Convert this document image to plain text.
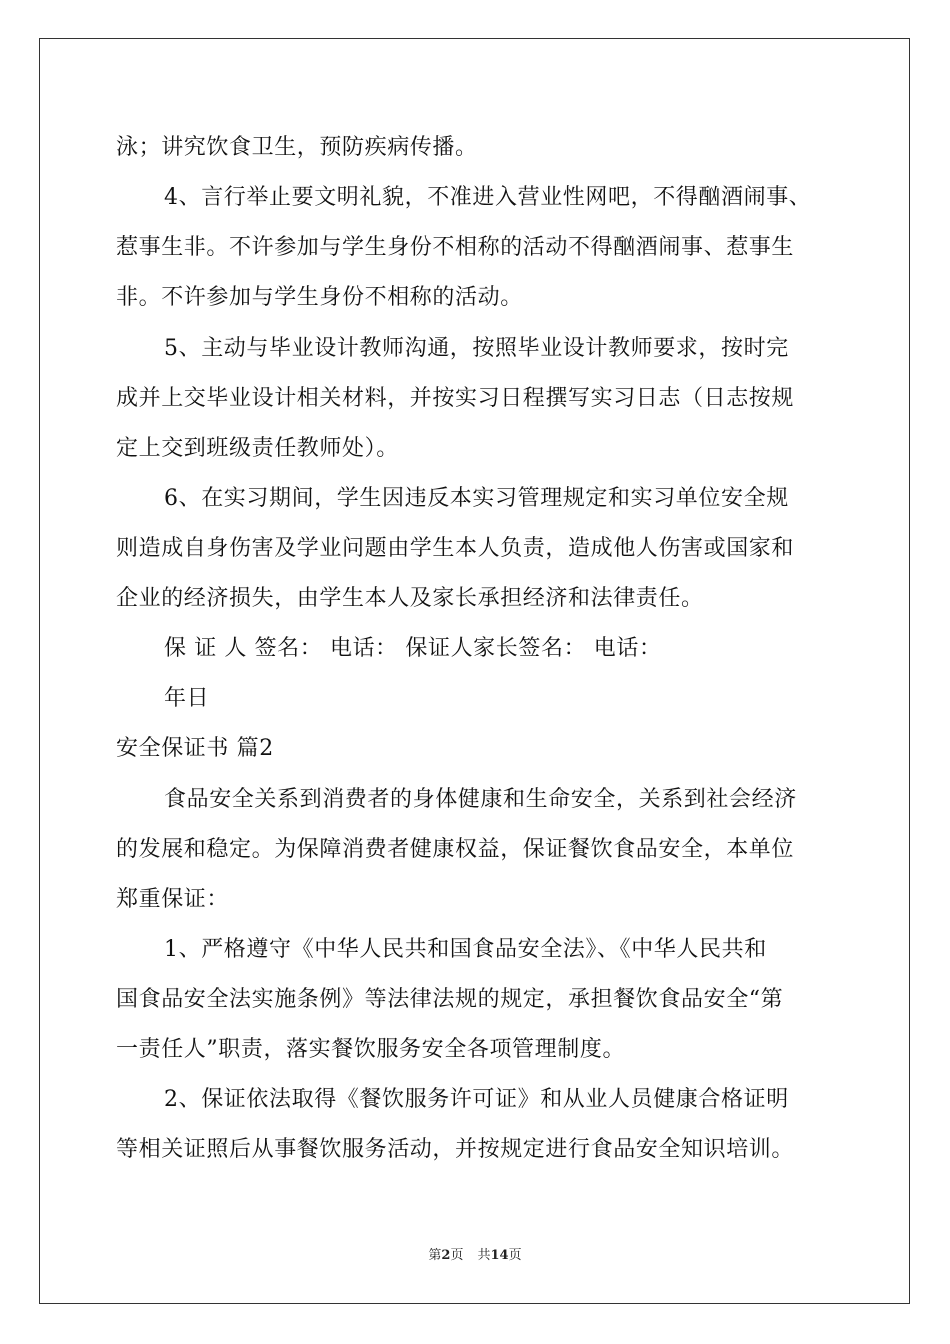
泳；讲究饮食卫生，预防疾病传播。
4、言行举止要文明礼貌，不准进入营业性网吧，不得酗酒闹事、
惹事生非。不许参加与学生身份不相称的活动不得酗酒闹事、惹事生
非。不许参加与学生身份不相称的活动。
5、主动与毕业设计教师沟通，按照毕业设计教师要求，按时完
成并上交毕业设计相关材料，并按实习日程撰写实习日志（日志按规
定上交到班级责任教师处）。
6、在实习期间，学生因违反本实习管理规定和实习单位安全规
则造成自身伤害及学业问题由学生本人负责，造成他人伤害或国家和
企业的经济损失，由学生本人及家长承担经济和法律责任。
保 证 人 签名： 电话： 保证人家长签名： 电话：
年日
安全保证书 篇2
食品安全关系到消费者的身体健康和生命安全，关系到社会经济
的发展和稳定。为保障消费者健康权益，保证餐饮食品安全，本单位
郑重保证：
1、严格遵守《中华人民共和国食品安全法》、《中华人民共和
国食品安全法实施条例》等法律法规的规定，承担餐饮食品安全“第
一责任人”职责，落实餐饮服务安全各项管理制度。
2、保证依法取得《餐饮服务许可证》和从业人员健康合格证明
等相关证照后从事餐饮服务活动，并按规定进行食品安全知识培训。
第2页 共14页
